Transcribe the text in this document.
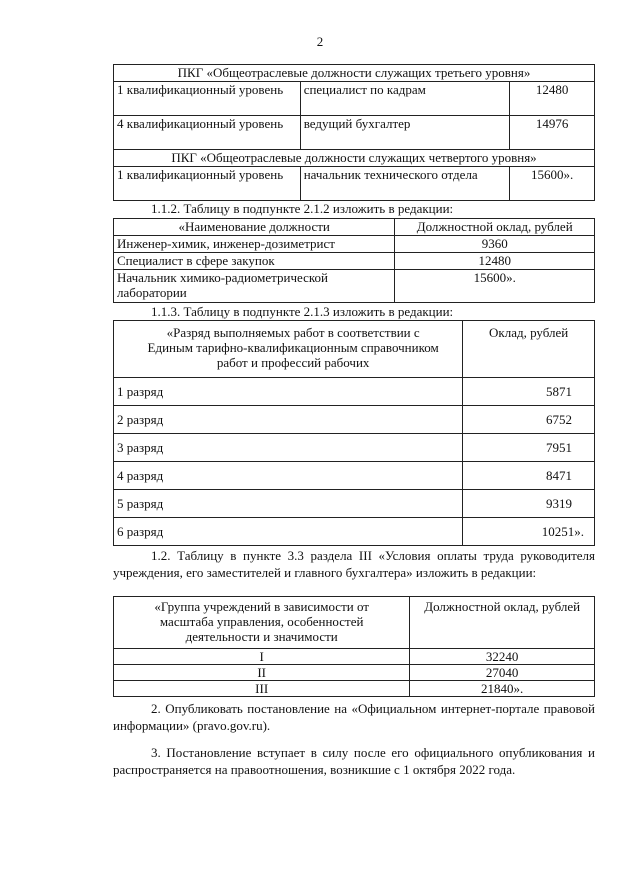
2
ПКГ «Общеотраслевые должности служащих третьего уровня»		
1 квалификационный уровень	специалист по кадрам	12480
4 квалификационный уровень	ведущий бухгалтер	14976
ПКГ «Общеотраслевые должности служащих четвертого уровня»		
1 квалификационный уровень	начальник технического отдела	15600».
1.1.2. Таблицу в подпункте 2.1.2 изложить в редакции:
«Наименование должности	Должностной оклад, рублей
Инженер-химик, инженер-дозиметрист	9360
Специалист в сфере закупок	12480
Начальник химико-радиометрической лаборатории	15600».
1.1.3. Таблицу в подпункте 2.1.3 изложить в редакции:
«Разряд выполняемых работ в соответствии с Единым тарифно-квалификационным справочником работ и профессий рабочих	Оклад, рублей
1 разряд	5871
2 разряд	6752
3 разряд	7951
4 разряд	8471
5 разряд	9319
6 разряд	10251».
1.2. Таблицу в пункте 3.3 раздела III «Условия оплаты труда руководителя учреждения, его заместителей и главного бухгалтера» изложить в редакции:
«Группа учреждений в зависимости от масштаба управления, особенностей деятельности и значимости	Должностной оклад, рублей
I	32240
II	27040
III	21840».
2. Опубликовать постановление на «Официальном интернет-портале правовой информации» (pravo.gov.ru).
3. Постановление вступает в силу после его официального опубликования и распространяется на правоотношения, возникшие с 1 октября 2022 года.
